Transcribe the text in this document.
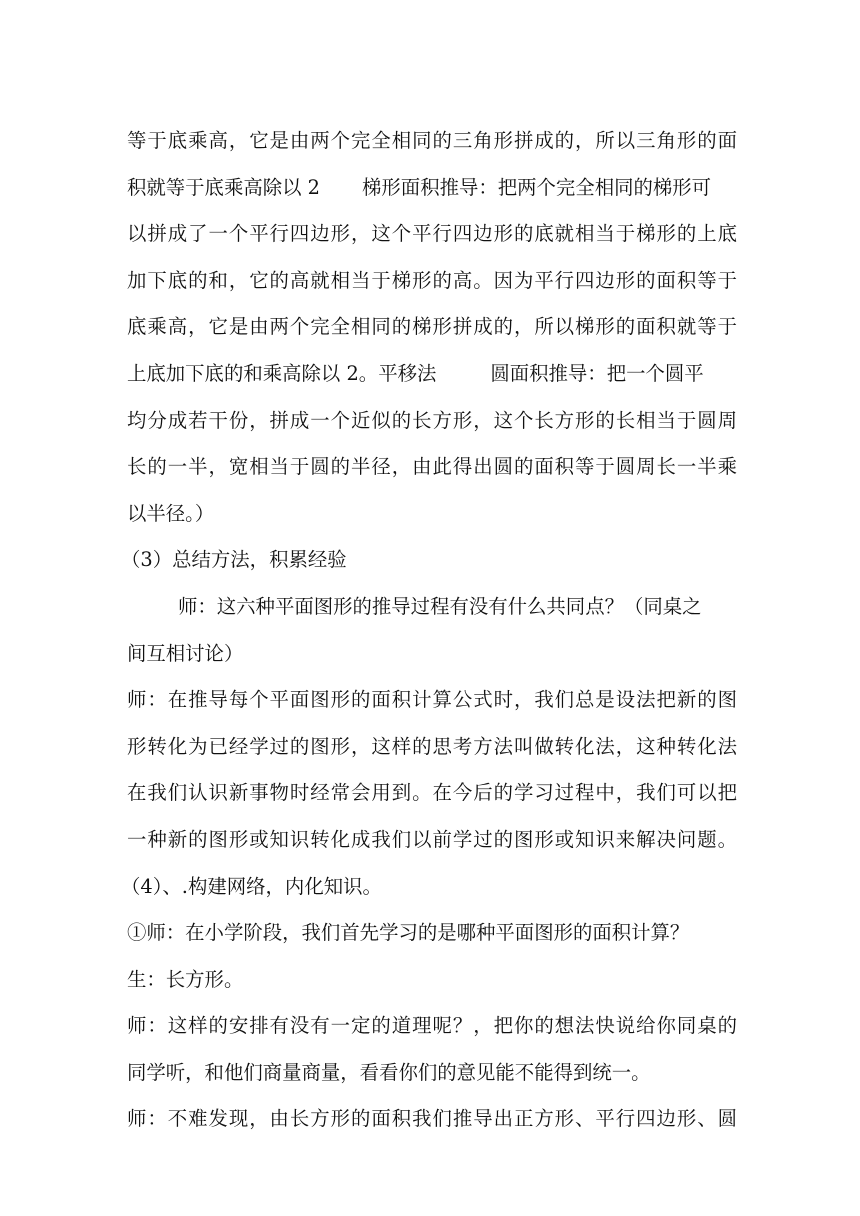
等于底乘高，它是由两个完全相同的三角形拼成的，所以三角形的面
积就等于底乘高除以 2 梯形面积推导：把两个完全相同的梯形可
以拼成了一个平行四边形，这个平行四边形的底就相当于梯形的上底
加下底的和，它的高就相当于梯形的高。因为平行四边形的面积等于
底乘高，它是由两个完全相同的梯形拼成的，所以梯形的面积就等于
上底加下底的和乘高除以 2。平移法	圆面积推导：把一个圆平
均分成若干份，拼成一个近似的长方形，这个长方形的长相当于圆周
长的一半，宽相当于圆的半径，由此得出圆的面积等于圆周长一半乘
以半径。）
（3）总结方法，积累经验
师：这六种平面图形的推导过程有没有什么共同点？（同桌之
间互相讨论）
师：在推导每个平面图形的面积计算公式时，我们总是设法把新的图
形转化为已经学过的图形，这样的思考方法叫做转化法，这种转化法
在我们认识新事物时经常会用到。在今后的学习过程中，我们可以把
一种新的图形或知识转化成我们以前学过的图形或知识来解决问题。
（4）、.构建网络，内化知识。
①师：在小学阶段，我们首先学习的是哪种平面图形的面积计算？
生：长方形。
师：这样的安排有没有一定的道理呢？，把你的想法快说给你同桌的
同学听，和他们商量商量，看看你们的意见能不能得到统一。
师：不难发现，由长方形的面积我们推导出正方形、平行四边形、圆
